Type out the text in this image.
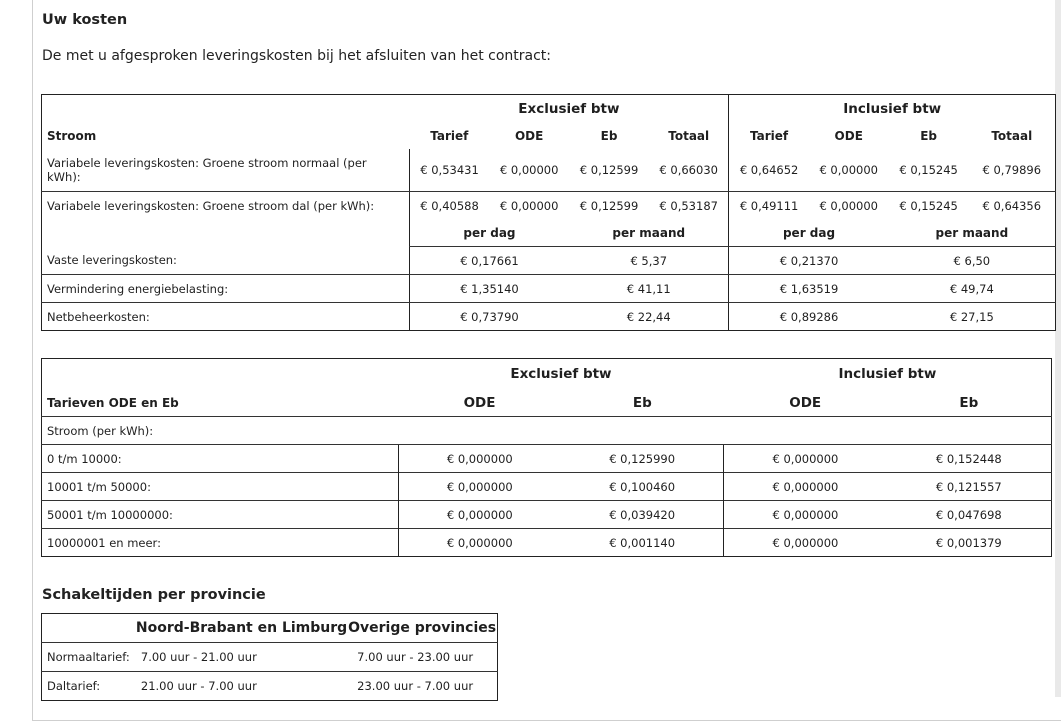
Uw kosten
De met u afgesproken leveringskosten bij het afsluiten van het contract:
	Exclusief btw				Inclusief btw			
Stroom	Tarief	ODE	Eb	Totaal	Tarief	ODE	Eb	Totaal
Variabele leveringskosten: Groene stroom normaal (per kWh):	€ 0,53431	€ 0,00000	€ 0,12599	€ 0,66030	€ 0,64652	€ 0,00000	€ 0,15245	€ 0,79896
Variabele leveringskosten: Groene stroom dal (per kWh):	€ 0,40588	€ 0,00000	€ 0,12599	€ 0,53187	€ 0,49111	€ 0,00000	€ 0,15245	€ 0,64356
	per dag		per maand		per dag		per maand	
Vaste leveringskosten:	€ 0,17661		€ 5,37		€ 0,21370		€ 6,50	
Vermindering energiebelasting:	€ 1,35140		€ 41,11		€ 1,63519		€ 49,74	
Netbeheerkosten:	€ 0,73790		€ 22,44		€ 0,89286		€ 27,15	
	Exclusief btw		Inclusief btw	
Tarieven ODE en Eb	ODE	Eb	ODE	Eb
Stroom (per kWh):				
0 t/m 10000:	€ 0,000000	€ 0,125990	€ 0,000000	€ 0,152448
10001 t/m 50000:	€ 0,000000	€ 0,100460	€ 0,000000	€ 0,121557
50001 t/m 10000000:	€ 0,000000	€ 0,039420	€ 0,000000	€ 0,047698
10000001 en meer:	€ 0,000000	€ 0,001140	€ 0,000000	€ 0,001379
Schakeltijden per provincie
	Noord-Brabant en Limburg	Overige provincies
Normaaltarief:	7.00 uur - 21.00 uur	7.00 uur - 23.00 uur
Daltarief:	21.00 uur - 7.00 uur	23.00 uur - 7.00 uur
